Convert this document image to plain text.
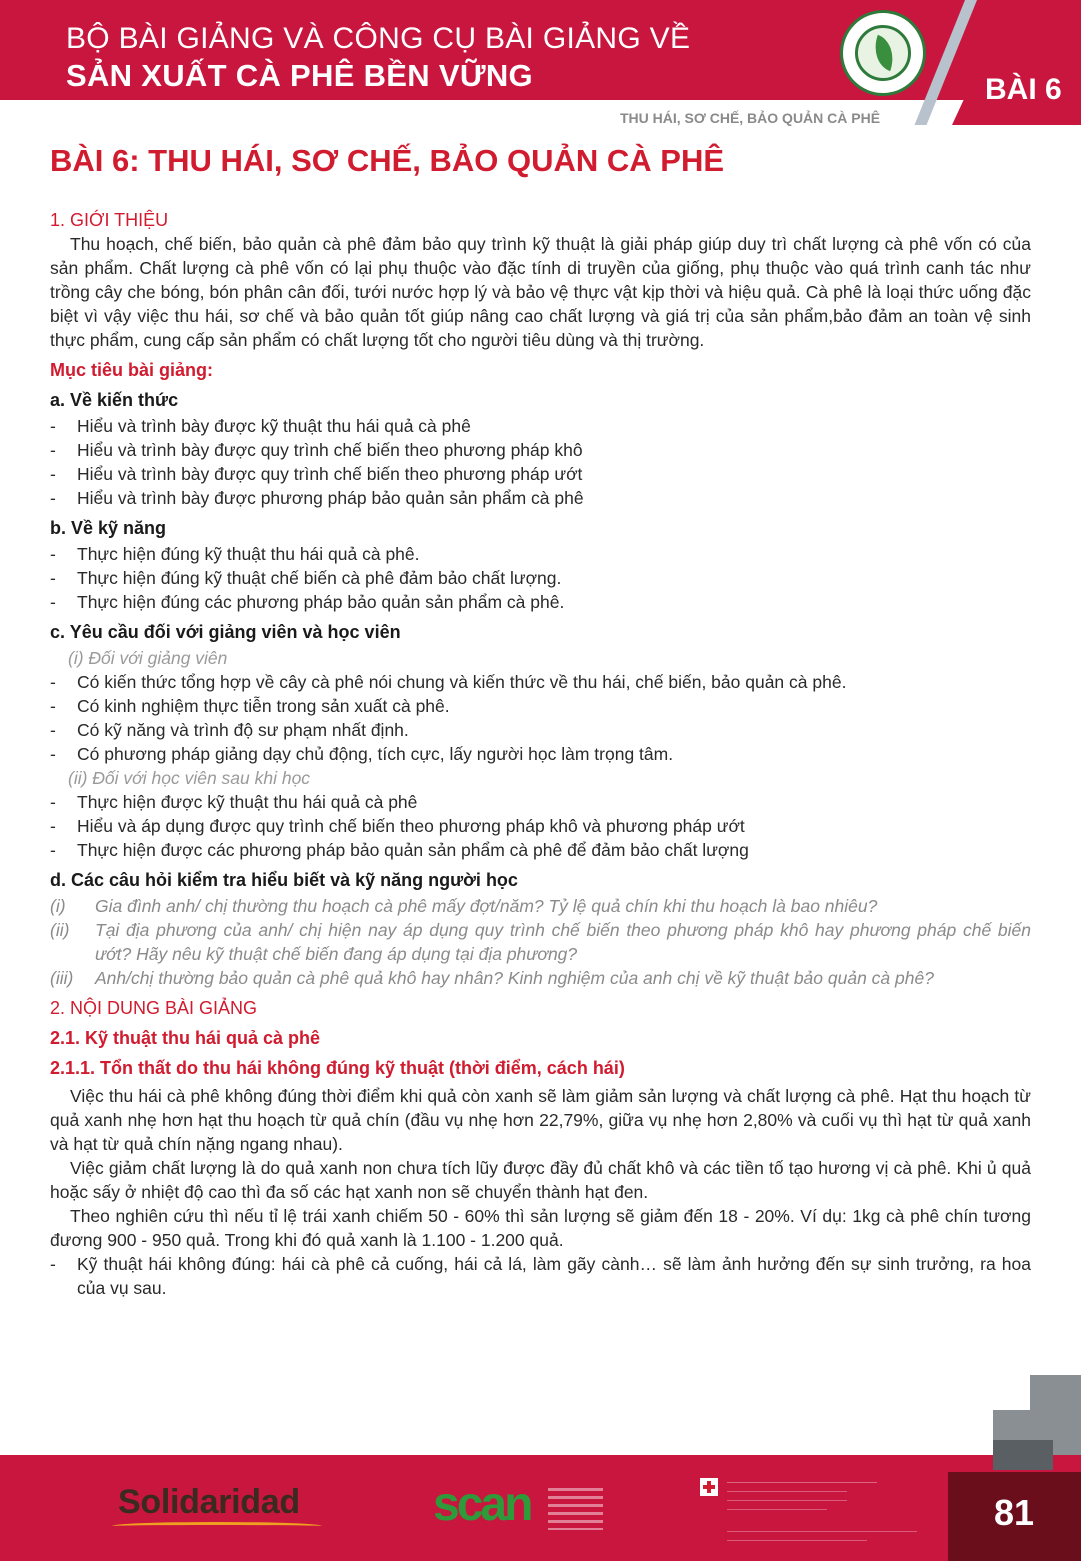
BỘ BÀI GIẢNG VÀ CÔNG CỤ BÀI GIẢNG VỀ
SẢN XUẤT CÀ PHÊ BỀN VỮNG	BÀI 6
THU HÁI, SƠ CHẾ, BẢO QUẢN CÀ PHÊ
BÀI 6: THU HÁI, SƠ CHẾ, BẢO QUẢN CÀ PHÊ
1. GIỚI THIỆU

Thu hoạch, chế biến, bảo quản cà phê đảm bảo quy trình kỹ thuật là giải pháp giúp duy trì chất lượng cà phê vốn có của sản phẩm. Chất lượng cà phê vốn có lại phụ thuộc vào đặc tính di truyền của giống, phụ thuộc vào quá trình canh tác như trồng cây che bóng, bón phân cân đối, tưới nước hợp lý và bảo vệ thực vật kịp thời và hiệu quả. Cà phê là loại thức uống đặc biệt vì vậy việc thu hái, sơ chế và bảo quản tốt giúp nâng cao chất lượng và giá trị của sản phẩm,bảo đảm an toàn vệ sinh thực phẩm, cung cấp sản phẩm có chất lượng tốt cho người tiêu dùng và thị trường.

Mục tiêu bài giảng:
a. Về kiến thức
- Hiểu và trình bày được kỹ thuật thu hái quả cà phê
- Hiểu và trình bày được quy trình chế biến theo phương pháp khô
- Hiểu và trình bày được quy trình chế biến theo phương pháp ướt
- Hiểu và trình bày được phương pháp bảo quản sản phẩm cà phê
b. Về kỹ năng
- Thực hiện đúng kỹ thuật thu hái quả cà phê.
- Thực hiện đúng kỹ thuật chế biến cà phê đảm bảo chất lượng.
- Thực hiện đúng các phương pháp bảo quản sản phẩm cà phê.
c. Yêu cầu đối với giảng viên và học viên
(i) Đối với giảng viên
- Có kiến thức tổng hợp về cây cà phê nói chung và kiến thức về thu hái, chế biến, bảo quản cà phê.
- Có kinh nghiệm thực tiễn trong sản xuất cà phê.
- Có kỹ năng và trình độ sư phạm nhất định.
- Có phương pháp giảng dạy chủ động, tích cực, lấy người học làm trọng tâm.
(ii) Đối với học viên sau khi học
- Thực hiện được kỹ thuật thu hái quả cà phê
- Hiểu và áp dụng được quy trình chế biến theo phương pháp khô và phương pháp ướt
- Thực hiện được các phương pháp bảo quản sản phẩm cà phê để đảm bảo chất lượng
d. Các câu hỏi kiểm tra hiểu biết và kỹ năng người học
(i) Gia đình anh/ chị thường thu hoạch cà phê mấy đợt/năm? Tỷ lệ quả chín khi thu hoạch là bao nhiêu?
(ii) Tại địa phương của anh/ chị hiện nay áp dụng quy trình chế biến theo phương pháp khô hay phương pháp chế biến ướt? Hãy nêu kỹ thuật chế biến đang áp dụng tại địa phương?
(iii) Anh/chị thường bảo quản cà phê quả khô hay nhân? Kinh nghiệm của anh chị về kỹ thuật bảo quản cà phê?
2. NỘI DUNG BÀI GIẢNG
2.1. Kỹ thuật thu hái quả cà phê
2.1.1. Tổn thất do thu hái không đúng kỹ thuật (thời điểm, cách hái)

Việc thu hái cà phê không đúng thời điểm khi quả còn xanh sẽ làm giảm sản lượng và chất lượng cà phê. Hạt thu hoạch từ quả xanh nhẹ hơn hạt thu hoạch từ quả chín (đầu vụ nhẹ hơn 22,79%, giữa vụ nhẹ hơn 2,80% và cuối vụ thì hạt từ quả xanh và hạt từ quả chín nặng ngang nhau).

Việc giảm chất lượng là do quả xanh non chưa tích lũy được đầy đủ chất khô và các tiền tố tạo hương vị cà phê. Khi ủ quả hoặc sấy ở nhiệt độ cao thì đa số các hạt xanh non sẽ chuyển thành hạt đen.

Theo nghiên cứu thì nếu tỉ lệ trái xanh chiếm 50 - 60% thì sản lượng sẽ giảm đến 18 - 20%. Ví dụ: 1kg cà phê chín tương đương 900 - 950 quả. Trong khi đó quả xanh là 1.100 - 1.200 quả.

- Kỹ thuật hái không đúng: hái cà phê cả cuống, hái cả lá, làm gãy cành… sẽ làm ảnh hưởng đến sự sinh trưởng, ra hoa của vụ sau.
Solidaridad	scan	81
